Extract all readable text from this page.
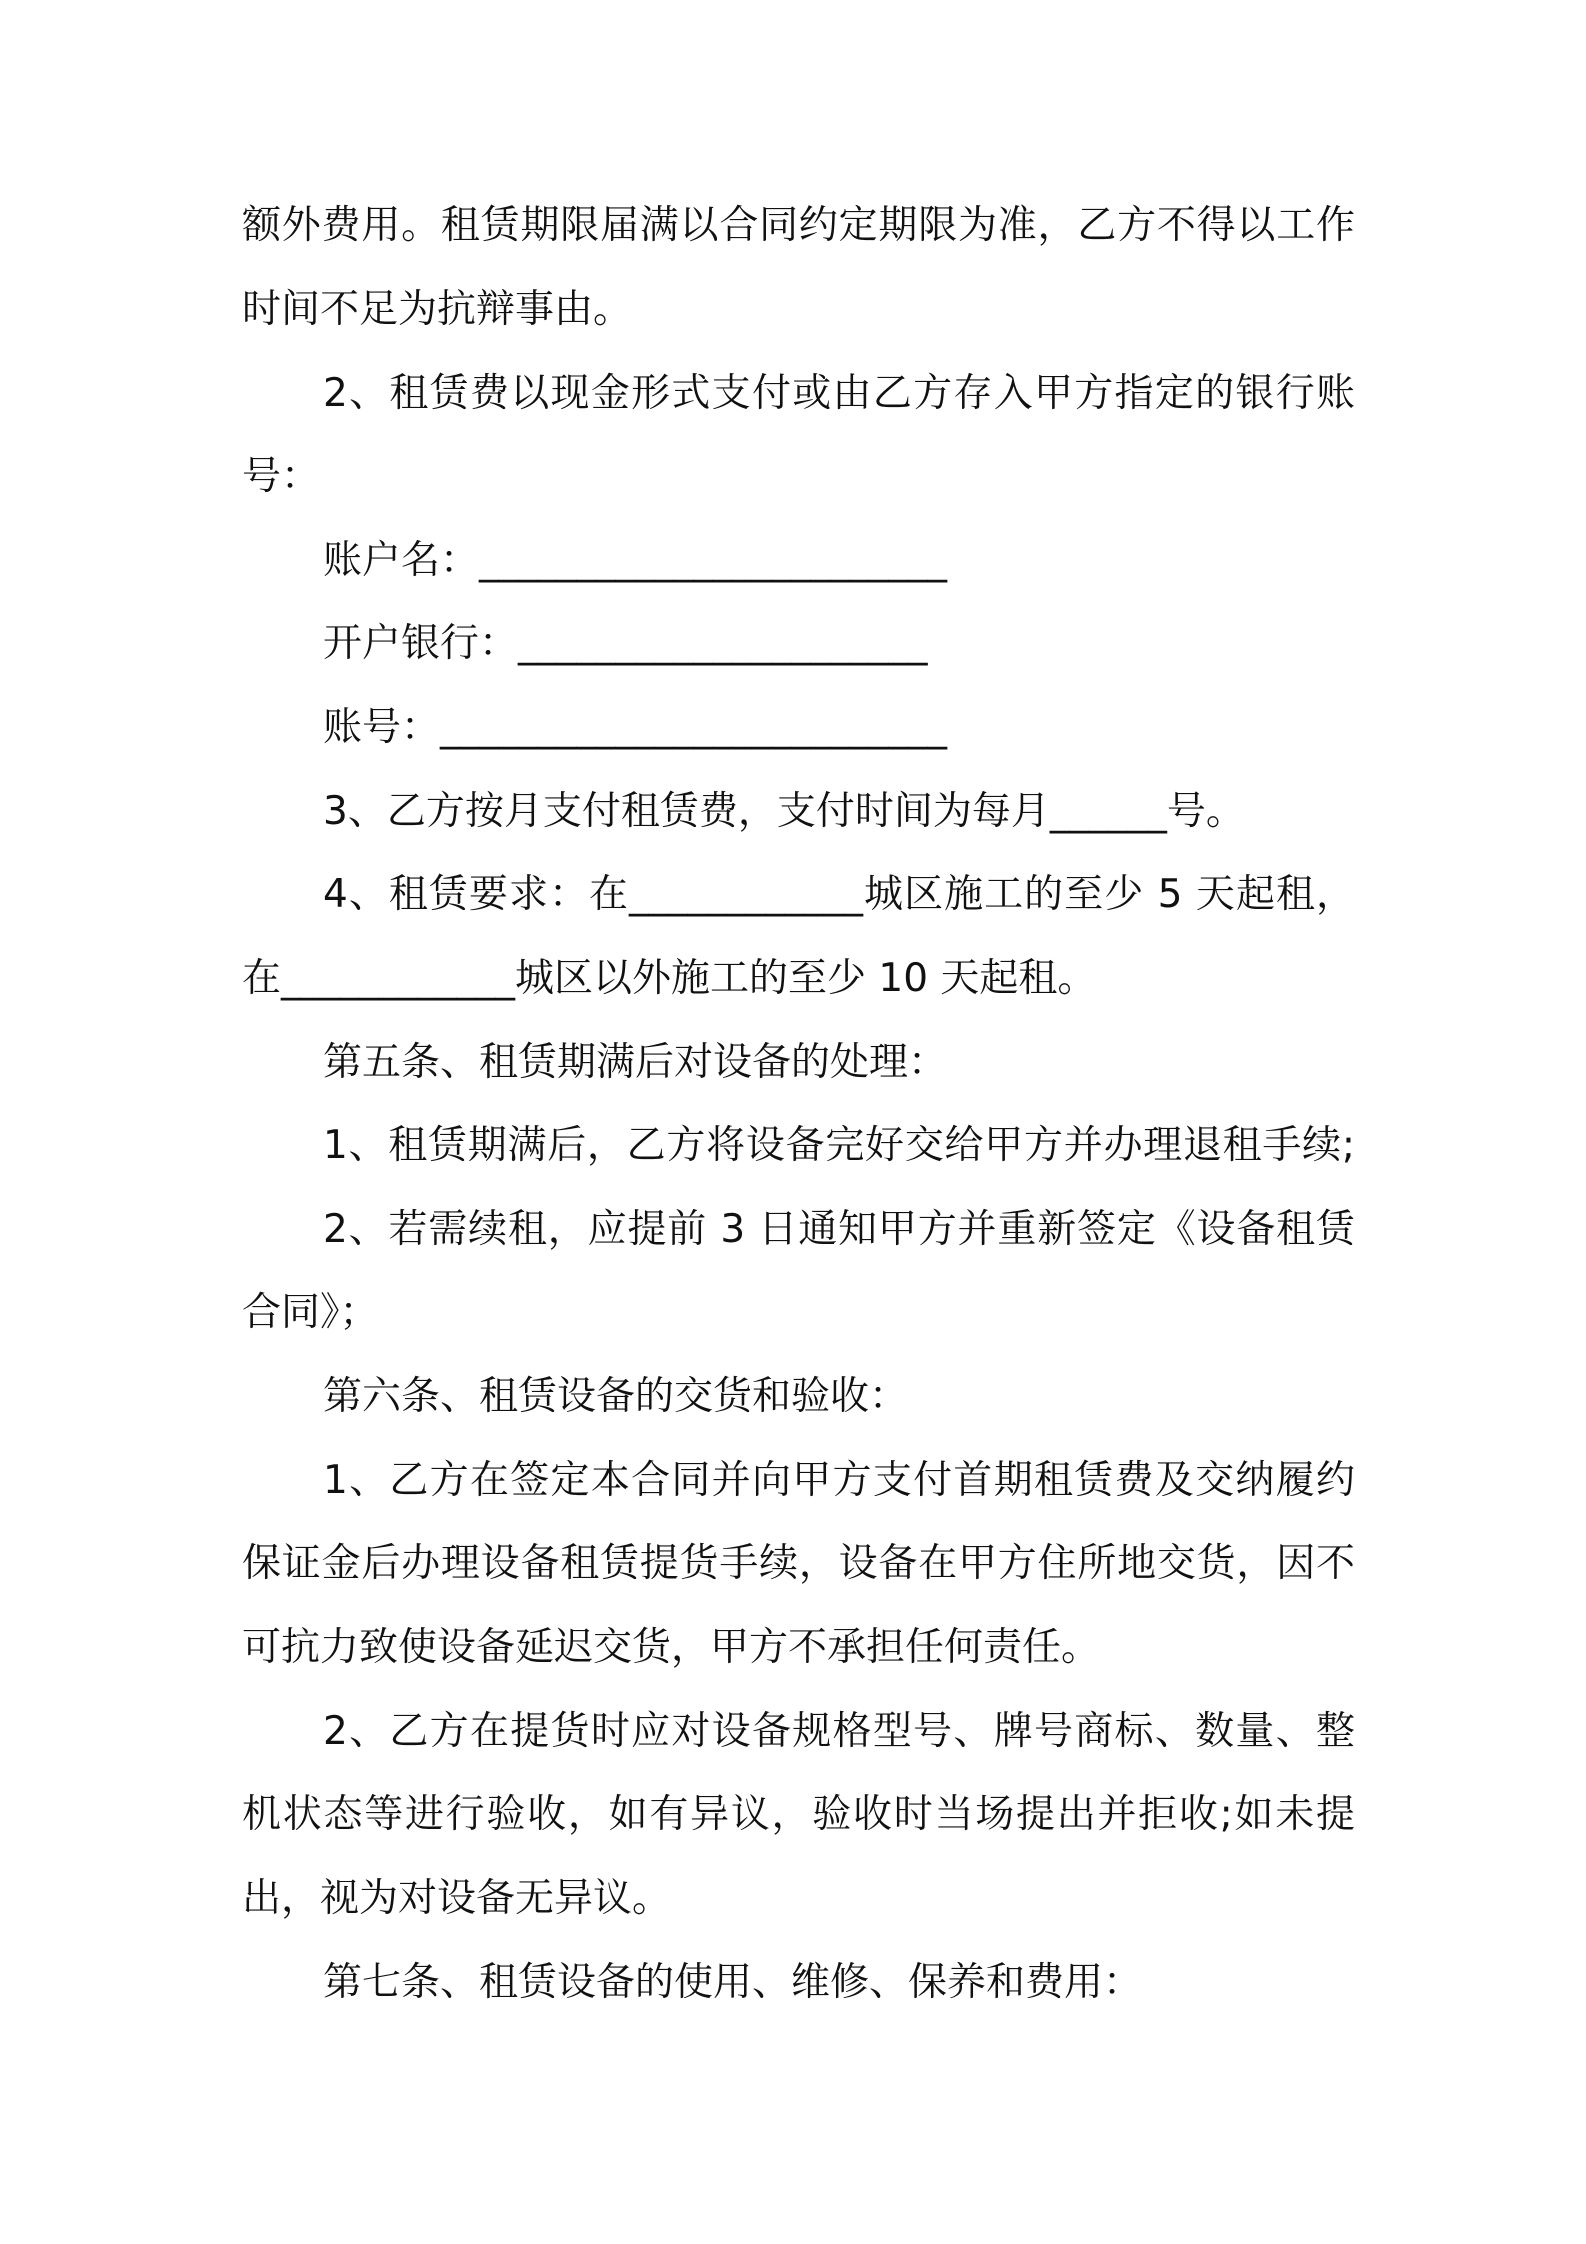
额外费用。租赁期限届满以合同约定期限为准，乙方不得以工作
时间不足为抗辩事由。
2、租赁费以现金形式支付或由乙方存入甲方指定的银行账
号：
账户名：________________________
开户银行：_____________________
账号：__________________________
3、乙方按月支付租赁费，支付时间为每月______号。
4、租赁要求：在____________城区施工的至少 5 天起租，
在____________城区以外施工的至少 10 天起租。
第五条、租赁期满后对设备的处理：
1、租赁期满后，乙方将设备完好交给甲方并办理退租手续;
2、若需续租，应提前 3 日通知甲方并重新签定《设备租赁
合同》；
第六条、租赁设备的交货和验收：
1、乙方在签定本合同并向甲方支付首期租赁费及交纳履约
保证金后办理设备租赁提货手续，设备在甲方住所地交货，因不
可抗力致使设备延迟交货，甲方不承担任何责任。
2、乙方在提货时应对设备规格型号、牌号商标、数量、整
机状态等进行验收，如有异议，验收时当场提出并拒收;如未提
出，视为对设备无异议。
第七条、租赁设备的使用、维修、保养和费用：
